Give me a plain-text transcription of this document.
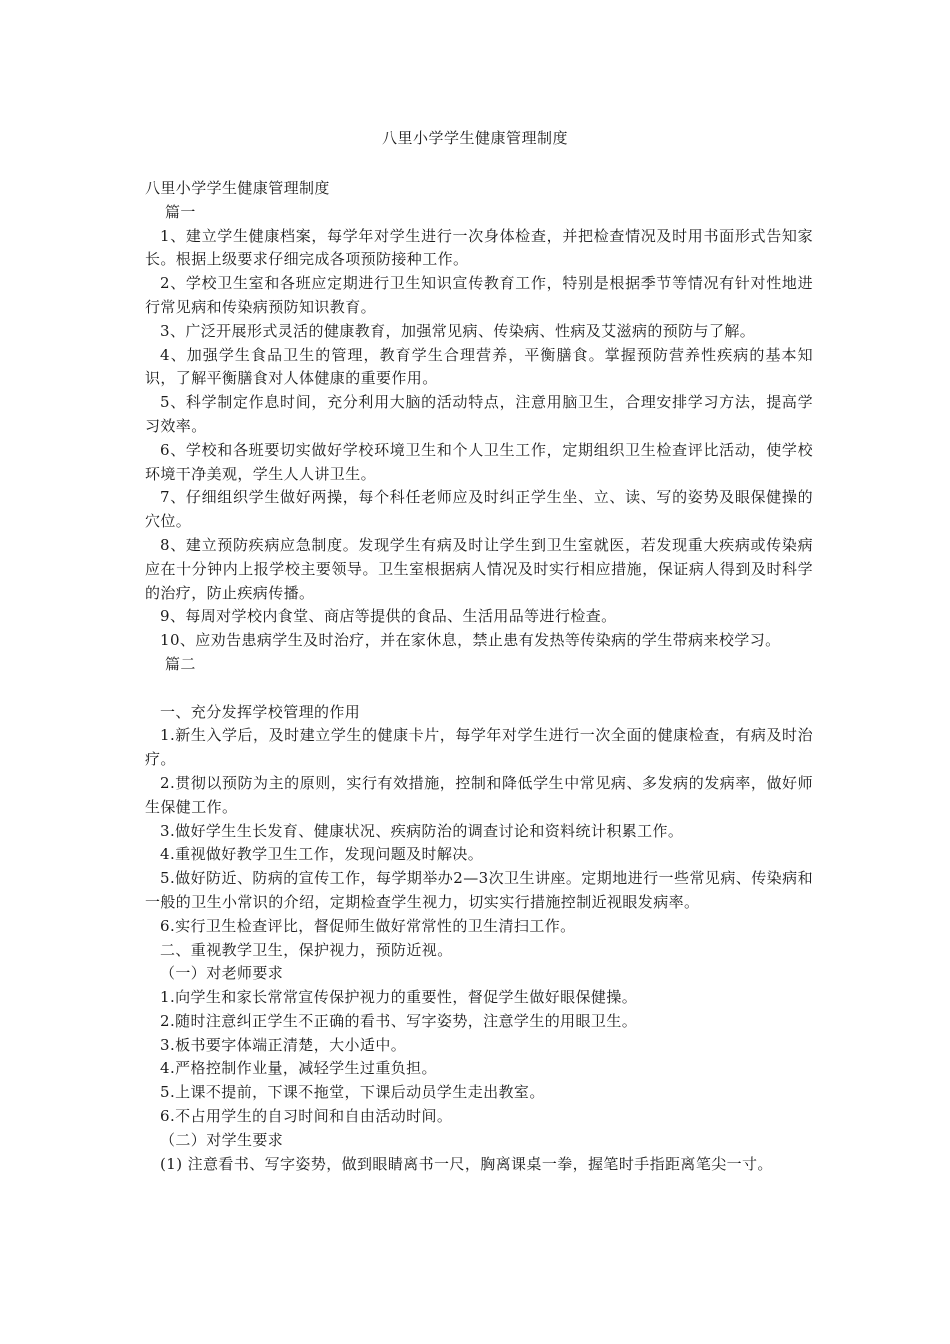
八里小学学生健康管理制度

八里小学学生健康管理制度

篇一

1、建立学生健康档案，每学年对学生进行一次身体检查，并把检查情况及时用书面形式告知家长。根据上级要求仔细完成各项预防接种工作。

2、学校卫生室和各班应定期进行卫生知识宣传教育工作，特别是根据季节等情况有针对性地进行常见病和传染病预防知识教育。

3、广泛开展形式灵活的健康教育，加强常见病、传染病、性病及艾滋病的预防与了解。

4、加强学生食品卫生的管理，教育学生合理营养，平衡膳食。掌握预防营养性疾病的基本知识，了解平衡膳食对人体健康的重要作用。

5、科学制定作息时间，充分利用大脑的活动特点，注意用脑卫生，合理安排学习方法，提高学习效率。

6、学校和各班要切实做好学校环境卫生和个人卫生工作，定期组织卫生检查评比活动，使学校环境干净美观，学生人人讲卫生。

7、仔细组织学生做好两操，每个科任老师应及时纠正学生坐、立、读、写的姿势及眼保健操的穴位。

8、建立预防疾病应急制度。发现学生有病及时让学生到卫生室就医，若发现重大疾病或传染病应在十分钟内上报学校主要领导。卫生室根据病人情况及时实行相应措施，保证病人得到及时科学的治疗，防止疾病传播。

9、每周对学校内食堂、商店等提供的食品、生活用品等进行检查。

10、应劝告患病学生及时治疗，并在家休息，禁止患有发热等传染病的学生带病来校学习。

篇二

一、充分发挥学校管理的作用

1.新生入学后，及时建立学生的健康卡片，每学年对学生进行一次全面的健康检查，有病及时治疗。

2.贯彻以预防为主的原则，实行有效措施，控制和降低学生中常见病、多发病的发病率，做好师生保健工作。

3.做好学生生长发育、健康状况、疾病防治的调查讨论和资料统计积累工作。

4.重视做好教学卫生工作，发现问题及时解决。

5.做好防近、防病的宣传工作，每学期举办2—3次卫生讲座。定期地进行一些常见病、传染病和一般的卫生小常识的介绍，定期检查学生视力，切实实行措施控制近视眼发病率。

6.实行卫生检查评比，督促师生做好常常性的卫生清扫工作。

二、重视教学卫生，保护视力，预防近视。

（一）对老师要求

1.向学生和家长常常宣传保护视力的重要性，督促学生做好眼保健操。

2.随时注意纠正学生不正确的看书、写字姿势，注意学生的用眼卫生。

3.板书要字体端正清楚，大小适中。

4.严格控制作业量，减轻学生过重负担。

5.上课不提前，下课不拖堂，下课后动员学生走出教室。

6.不占用学生的自习时间和自由活动时间。

（二）对学生要求

(1) 注意看书、写字姿势，做到眼睛离书一尺，胸离课桌一拳，握笔时手指距离笔尖一寸。
